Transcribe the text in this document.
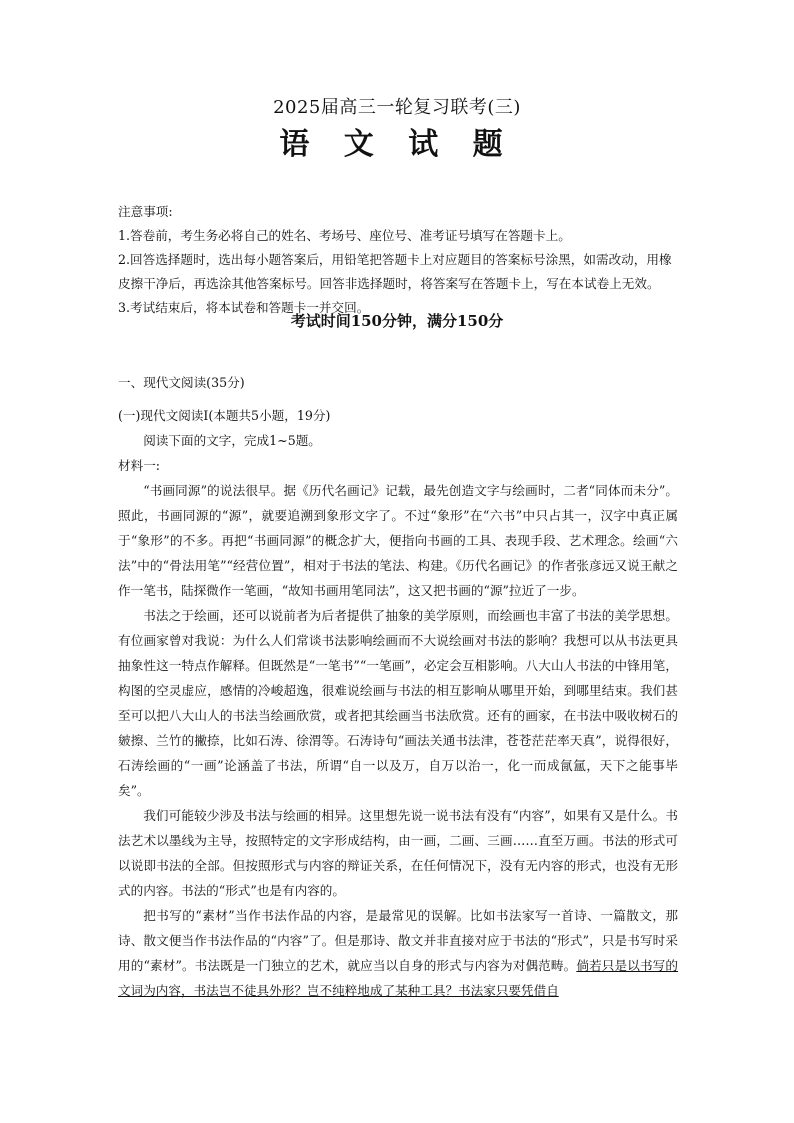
2025届高三一轮复习联考(三)
语 文 试 题

注意事项:

1.答卷前，考生务必将自己的姓名、考场号、座位号、准考证号填写在答题卡上。

2.回答选择题时，选出每小题答案后，用铅笔把答题卡上对应题目的答案标号涂黑，如需改动，用橡皮擦干净后，再选涂其他答案标号。回答非选择题时，将答案写在答题卡上，写在本试卷上无效。

3.考试结束后，将本试卷和答题卡一并交回。

考试时间150分钟，满分150分

一、现代文阅读(35分)

(一)现代文阅读Ⅰ(本题共5小题，19分)

阅读下面的文字，完成1~5题。

材料一:

“书画同源”的说法很早。据《历代名画记》记载，最先创造文字与绘画时，二者“同体而未分”。照此，书画同源的“源”，就要追溯到象形文字了。不过“象形”在“六书”中只占其一，汉字中真正属于“象形”的不多。再把“书画同源”的概念扩大，便指向书画的工具、表现手段、艺术理念。绘画“六法”中的“骨法用笔”“经营位置”，相对于书法的笔法、构建。《历代名画记》的作者张彦远又说王献之作一笔书，陆探微作一笔画，“故知书画用笔同法”，这又把书画的“源”拉近了一步。

书法之于绘画，还可以说前者为后者提供了抽象的美学原则，而绘画也丰富了书法的美学思想。有位画家曾对我说：为什么人们常谈书法影响绘画而不大说绘画对书法的影响？我想可以从书法更具抽象性这一特点作解释。但既然是“一笔书”“一笔画”，必定会互相影响。八大山人书法的中锋用笔，构图的空灵虚应，感情的冷峻超逸，很难说绘画与书法的相互影响从哪里开始，到哪里结束。我们甚至可以把八大山人的书法当绘画欣赏，或者把其绘画当书法欣赏。还有的画家，在书法中吸收树石的皴擦、兰竹的撇捺，比如石涛、徐渭等。石涛诗句“画法关通书法津，苍苍茫茫率天真”，说得很好，石涛绘画的“一画”论涵盖了书法，所谓“自一以及万，自万以治一，化一而成氤氲，天下之能事毕矣”。

我们可能较少涉及书法与绘画的相异。这里想先说一说书法有没有“内容”，如果有又是什么。书法艺术以墨线为主导，按照特定的文字形成结构，由一画，二画、三画……直至万画。书法的形式可以说即书法的全部。但按照形式与内容的辩证关系，在任何情况下，没有无内容的形式，也没有无形式的内容。书法的“形式”也是有内容的。

把书写的“素材”当作书法作品的内容，是最常见的误解。比如书法家写一首诗、一篇散文，那诗、散文便当作书法作品的“内容”了。但是那诗、散文并非直接对应于书法的“形式”，只是书写时采用的“素材”。书法既是一门独立的艺术，就应当以自身的形式与内容为对偶范畴。倘若只是以书写的文词为内容，书法岂不徒具外形？岂不纯粹地成了某种工具？书法家只要凭借自
